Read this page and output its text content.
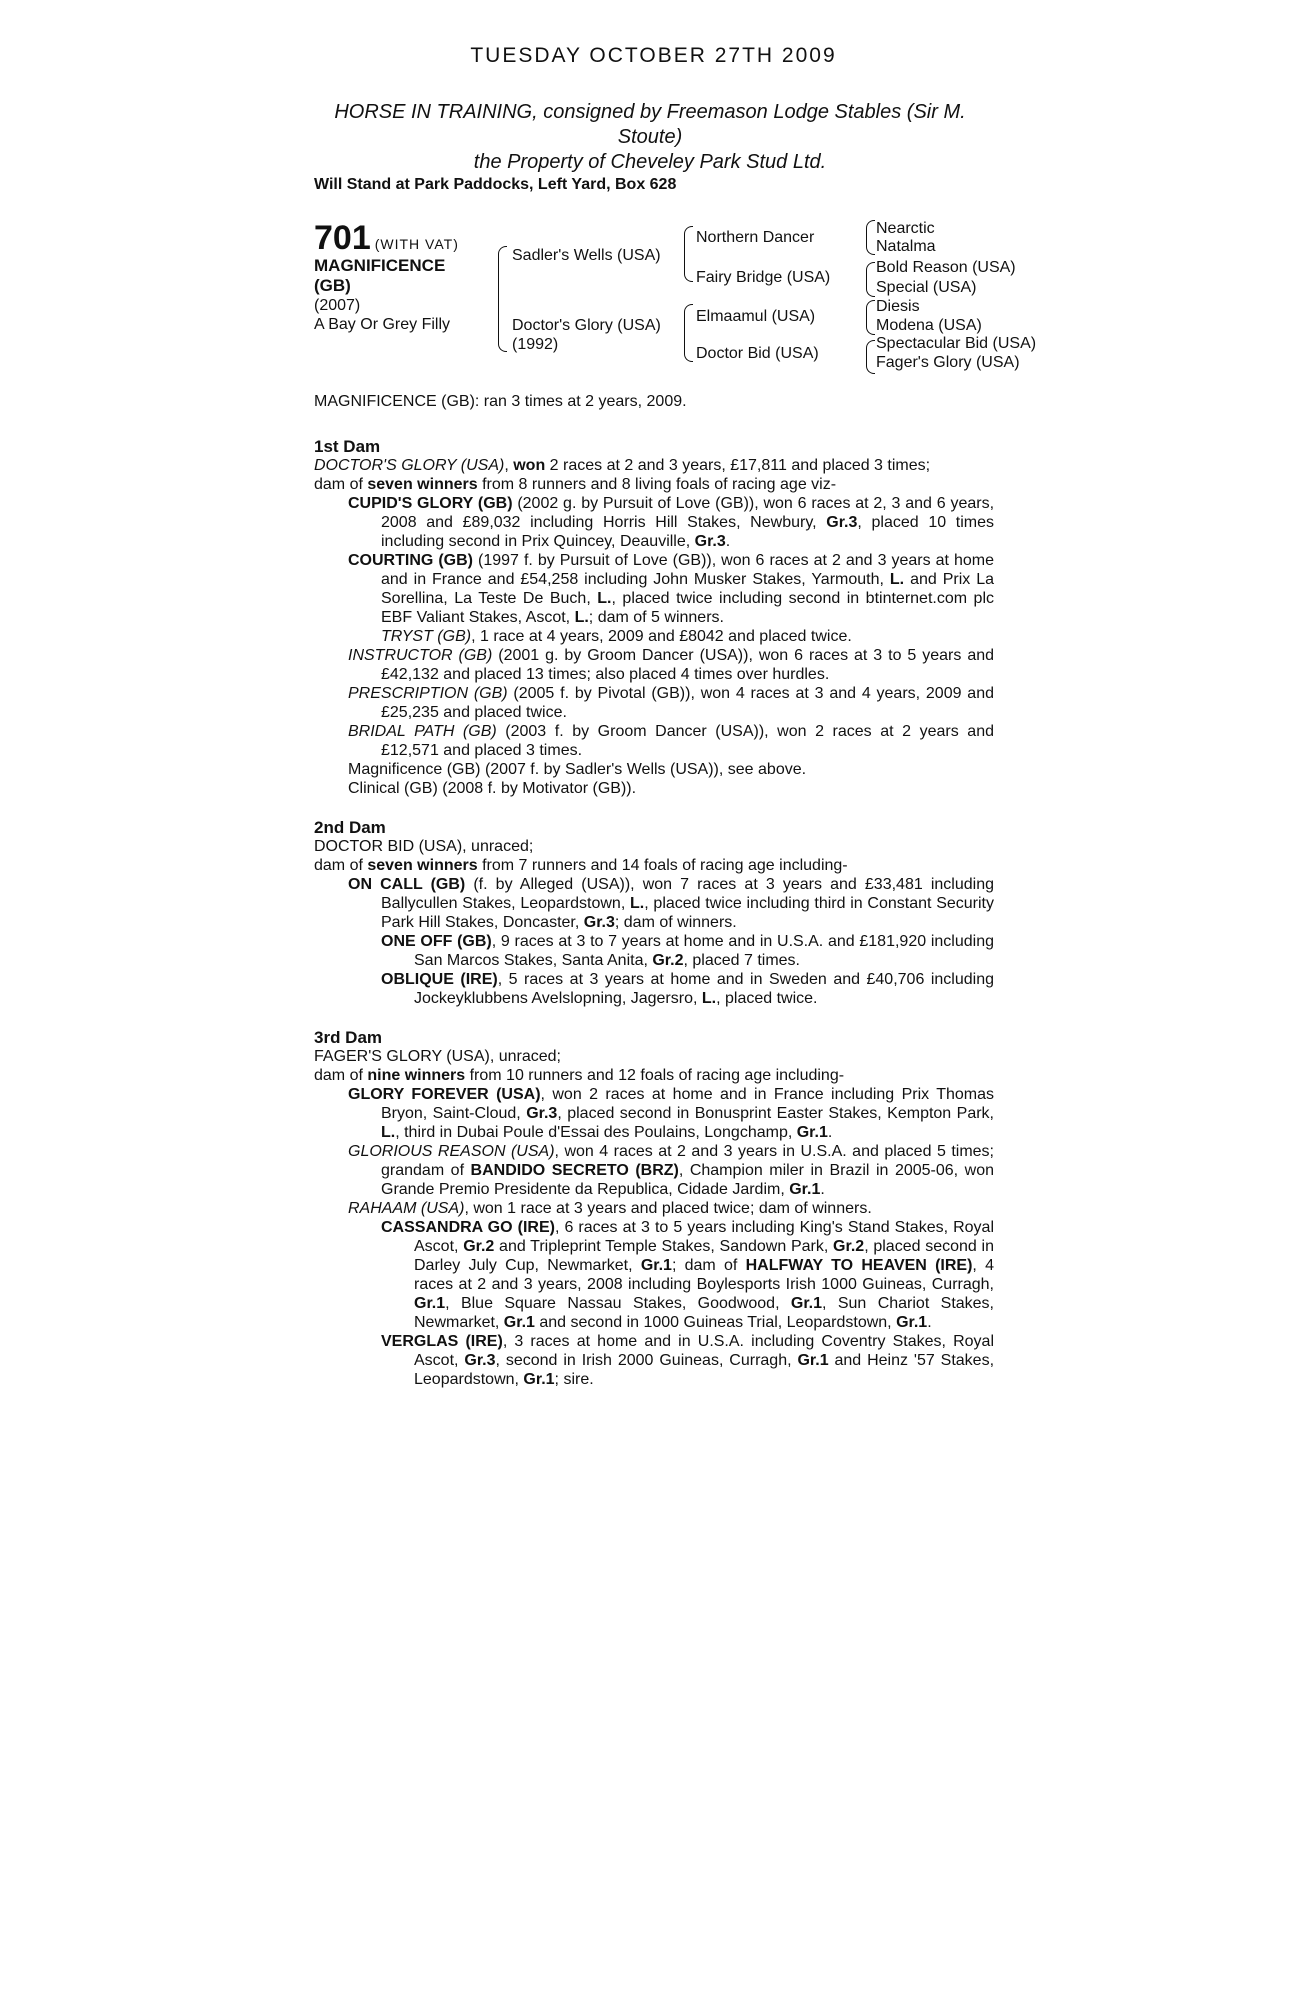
TUESDAY OCTOBER 27TH 2009
HORSE IN TRAINING, consigned by Freemason Lodge Stables (Sir M.
Stoute)
the Property of Cheveley Park Stud Ltd.
Will Stand at Park Paddocks, Left Yard, Box 628
701 (WITH VAT)
MAGNIFICENCE
(GB)
(2007)
A Bay Or Grey Filly
Sadler's Wells (USA)
Doctor's Glory (USA)
(1992)
Northern Dancer
Fairy Bridge (USA)
Elmaamul (USA)
Doctor Bid (USA)
Nearctic
Natalma
Bold Reason (USA)
Special (USA)
Diesis
Modena (USA)
Spectacular Bid (USA)
Fager's Glory (USA)

MAGNIFICENCE (GB): ran 3 times at 2 years, 2009.

1st Dam

DOCTOR'S GLORY (USA), won 2 races at 2 and 3 years, £17,811 and placed 3 times;

dam of seven winners from 8 runners and 8 living foals of racing age viz-

CUPID'S GLORY (GB) (2002 g. by Pursuit of Love (GB)), won 6 races at 2, 3 and 6 years, 2008 and £89,032 including Horris Hill Stakes, Newbury, Gr.3, placed 10 times including second in Prix Quincey, Deauville, Gr.3.

COURTING (GB) (1997 f. by Pursuit of Love (GB)), won 6 races at 2 and 3 years at home and in France and £54,258 including John Musker Stakes, Yarmouth, L. and Prix La Sorellina, La Teste De Buch, L., placed twice including second in btinternet.com plc EBF Valiant Stakes, Ascot, L.; dam of 5 winners.

TRYST (GB), 1 race at 4 years, 2009 and £8042 and placed twice.

INSTRUCTOR (GB) (2001 g. by Groom Dancer (USA)), won 6 races at 3 to 5 years and £42,132 and placed 13 times; also placed 4 times over hurdles.

PRESCRIPTION (GB) (2005 f. by Pivotal (GB)), won 4 races at 3 and 4 years, 2009 and £25,235 and placed twice.

BRIDAL PATH (GB) (2003 f. by Groom Dancer (USA)), won 2 races at 2 years and £12,571 and placed 3 times.

Magnificence (GB) (2007 f. by Sadler's Wells (USA)), see above.

Clinical (GB) (2008 f. by Motivator (GB)).

2nd Dam

DOCTOR BID (USA), unraced;

dam of seven winners from 7 runners and 14 foals of racing age including-

ON CALL (GB) (f. by Alleged (USA)), won 7 races at 3 years and £33,481 including Ballycullen Stakes, Leopardstown, L., placed twice including third in Constant Security Park Hill Stakes, Doncaster, Gr.3; dam of winners.

ONE OFF (GB), 9 races at 3 to 7 years at home and in U.S.A. and £181,920 including San Marcos Stakes, Santa Anita, Gr.2, placed 7 times.

OBLIQUE (IRE), 5 races at 3 years at home and in Sweden and £40,706 including Jockeyklubbens Avelslopning, Jagersro, L., placed twice.

3rd Dam

FAGER'S GLORY (USA), unraced;

dam of nine winners from 10 runners and 12 foals of racing age including-

GLORY FOREVER (USA), won 2 races at home and in France including Prix Thomas Bryon, Saint-Cloud, Gr.3, placed second in Bonusprint Easter Stakes, Kempton Park, L., third in Dubai Poule d'Essai des Poulains, Longchamp, Gr.1.

GLORIOUS REASON (USA), won 4 races at 2 and 3 years in U.S.A. and placed 5 times; grandam of BANDIDO SECRETO (BRZ), Champion miler in Brazil in 2005-06, won Grande Premio Presidente da Republica, Cidade Jardim, Gr.1.

RAHAAM (USA), won 1 race at 3 years and placed twice; dam of winners.

CASSANDRA GO (IRE), 6 races at 3 to 5 years including King's Stand Stakes, Royal Ascot, Gr.2 and Tripleprint Temple Stakes, Sandown Park, Gr.2, placed second in Darley July Cup, Newmarket, Gr.1; dam of HALFWAY TO HEAVEN (IRE), 4 races at 2 and 3 years, 2008 including Boylesports Irish 1000 Guineas, Curragh, Gr.1, Blue Square Nassau Stakes, Goodwood, Gr.1, Sun Chariot Stakes, Newmarket, Gr.1 and second in 1000 Guineas Trial, Leopardstown, Gr.1.

VERGLAS (IRE), 3 races at home and in U.S.A. including Coventry Stakes, Royal Ascot, Gr.3, second in Irish 2000 Guineas, Curragh, Gr.1 and Heinz '57 Stakes, Leopardstown, Gr.1; sire.
